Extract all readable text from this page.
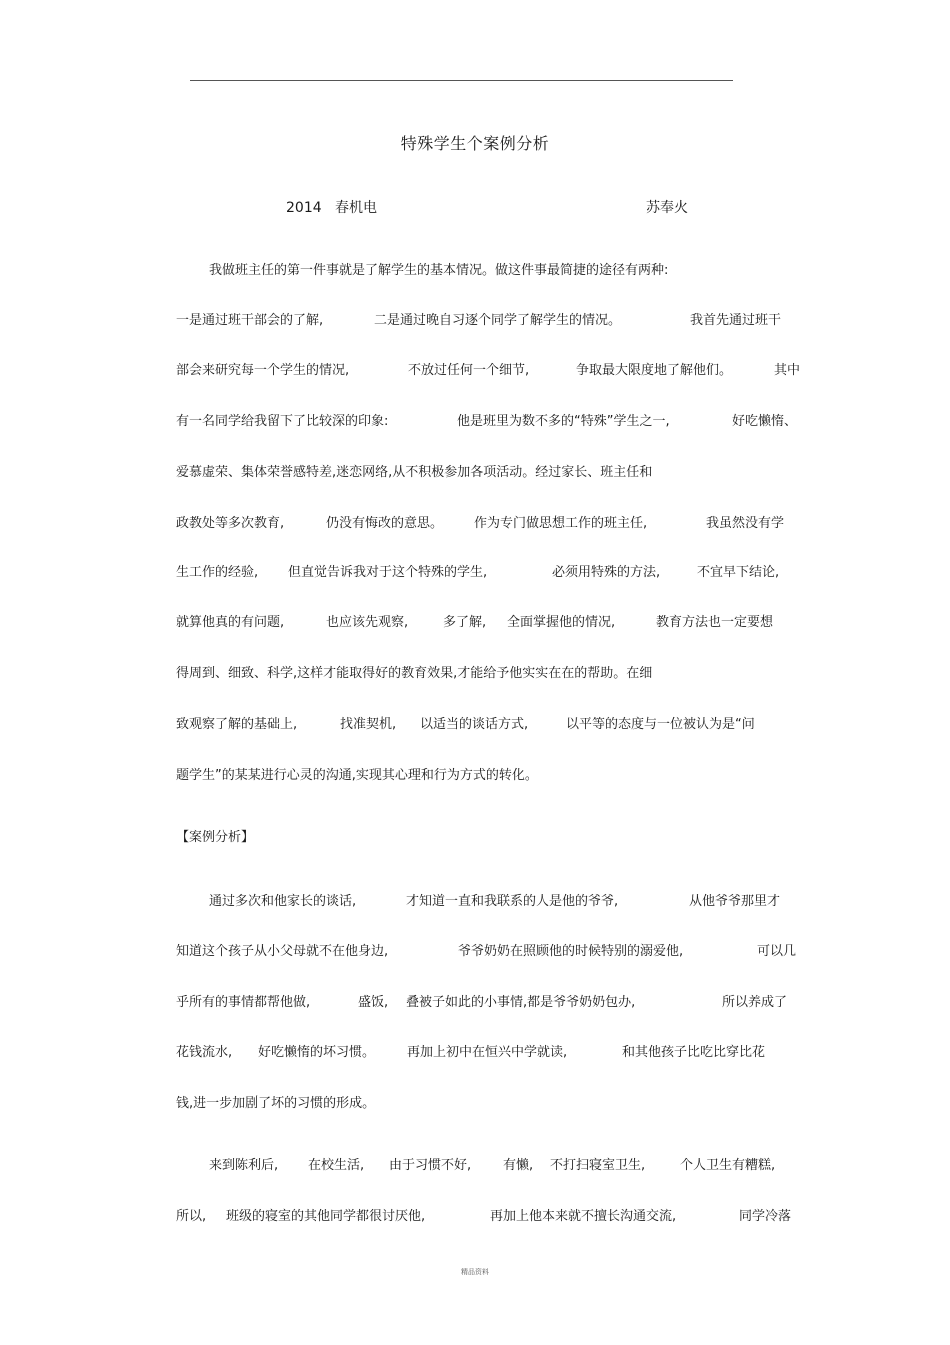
特殊学生个案例分析
2014   春机电	苏奉火
我做班主任的第一件事就是了解学生的基本情况。做这件事最简捷的途径有两种:
一是通过班干部会的了解,	二是通过晚自习逐个同学了解学生的情况。	我首先通过班干
部会来研究每一个学生的情况,	不放过任何一个细节,	争取最大限度地了解他们。	其中
有一名同学给我留下了比较深的印象:	他是班里为数不多的“特殊”学生之一,	好吃懒惰、
爱慕虚荣、集体荣誉感特差,迷恋网络,从不积极参加各项活动。经过家长、班主任和
政教处等多次教育,	仍没有悔改的意思。 作为专门做思想工作的班主任,	我虽然没有学
生工作的经验, 但直觉告诉我对于这个特殊的学生,	必须用特殊的方法,	不宜早下结论,
就算他真的有问题,	也应该先观察,	多了解, 全面掌握他的情况,	教育方法也一定要想
得周到、细致、科学,这样才能取得好的教育效果,才能给予他实实在在的帮助。在细
致观察了解的基础上,	找准契机, 以适当的谈话方式,	以平等的态度与一位被认为是“问
题学生”的某某进行心灵的沟通,实现其心理和行为方式的转化。
【案例分析】
通过多次和他家长的谈话,	才知道一直和我联系的人是他的爷爷,	从他爷爷那里才
知道这个孩子从小父母就不在他身边,	爷爷奶奶在照顾他的时候特别的溺爱他,	可以几
乎所有的事情都帮他做,	盛饭, 叠被子如此的小事情,都是爷爷奶奶包办,	所以养成了
花钱流水, 好吃懒惰的坏习惯。 再加上初中在恒兴中学就读,	和其他孩子比吃比穿比花
钱,进一步加剧了坏的习惯的形成。
来到陈利后, 在校生活, 由于习惯不好, 有懒, 不打扫寝室卫生,	个人卫生有糟糕,
所以, 班级的寝室的其他同学都很讨厌他,	再加上他本来就不擅长沟通交流,	同学冷落
精品资料
